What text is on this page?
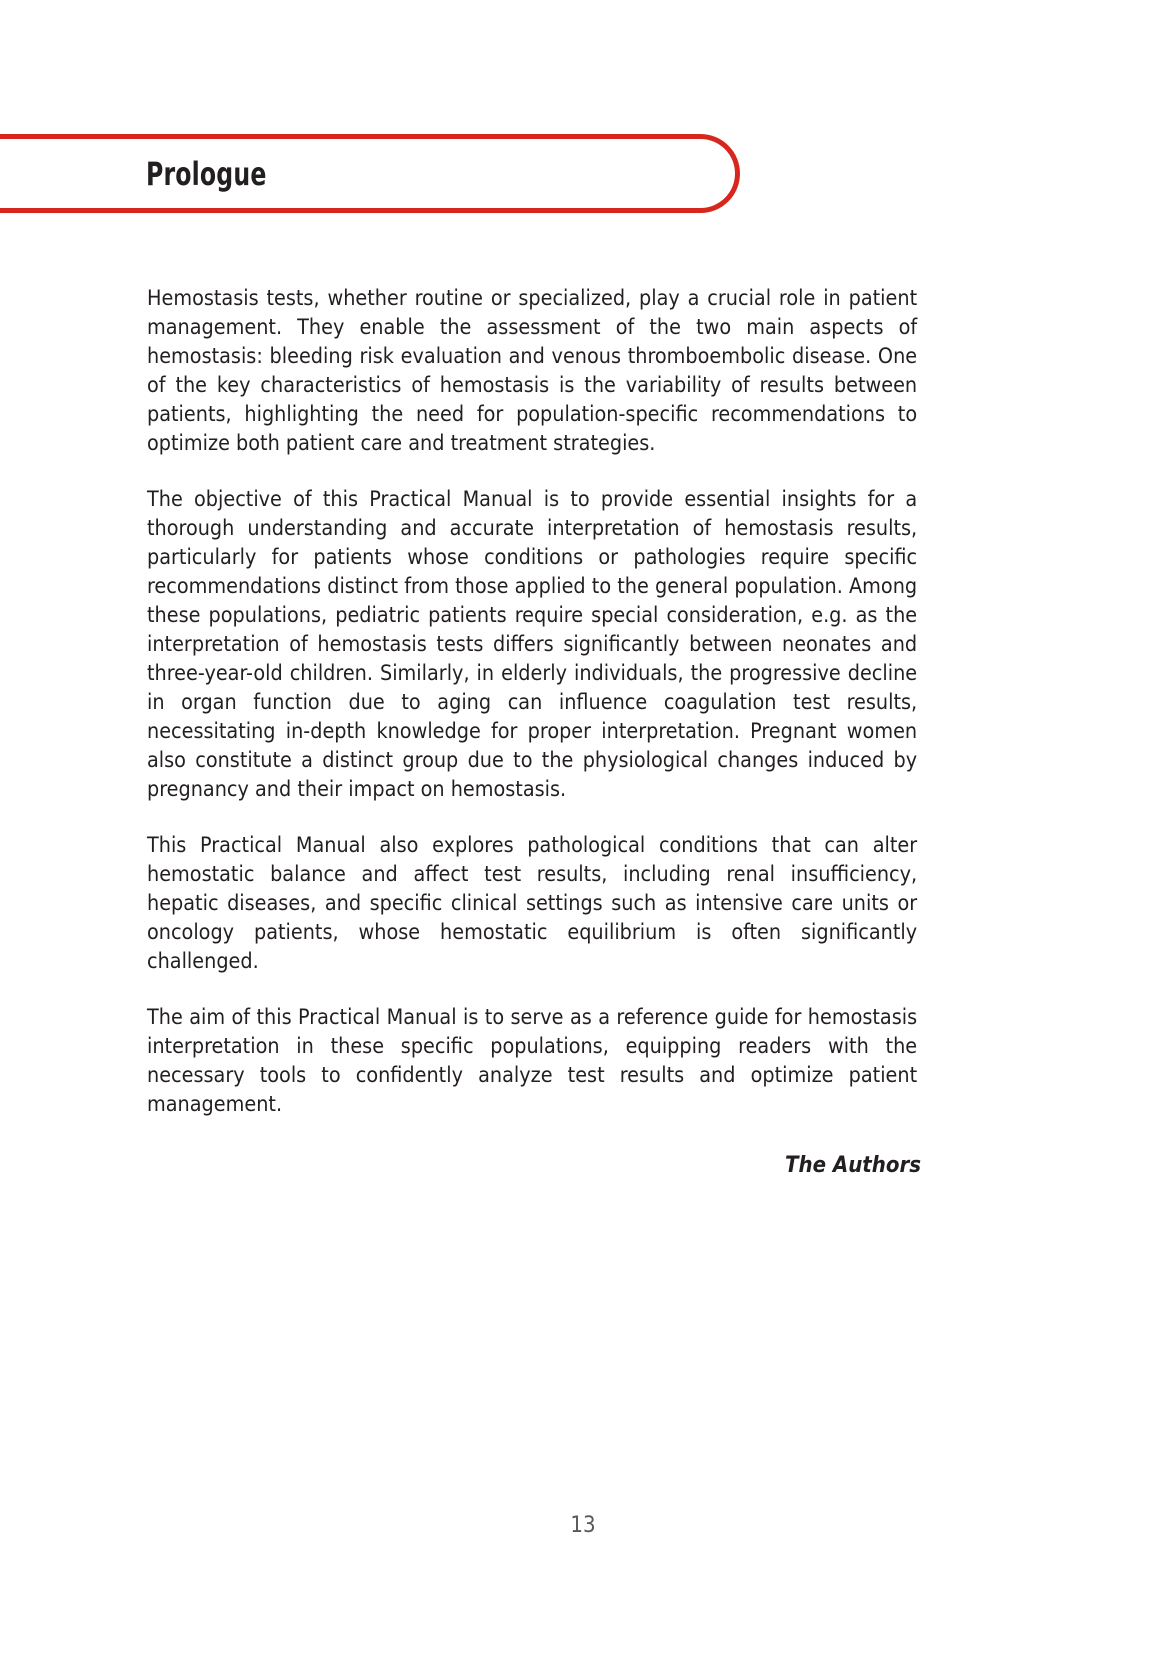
Prologue

Hemostasis tests, whether routine or specialized, play a crucial role in patient management. They enable the assessment of the two main aspects of hemostasis: bleeding risk evaluation and venous thromboembolic disease. One of the key characteristics of hemostasis is the variability of results between patients, highlighting the need for population-specific recommendations to optimize both patient care and treatment strategies.

The objective of this Practical Manual is to provide essential insights for a thorough understanding and accurate interpretation of hemostasis results, particularly for patients whose conditions or pathologies require specific recommendations distinct from those applied to the general population. Among these populations, pediatric patients require special consideration, e.g. as the interpretation of hemostasis tests differs significantly between neonates and three-year-old children. Similarly, in elderly individuals, the progressive decline in organ function due to aging can influence coagulation test results, necessitating in-depth knowledge for proper interpretation. Pregnant women also constitute a distinct group due to the physiological changes induced by pregnancy and their impact on hemostasis.

This Practical Manual also explores pathological conditions that can alter hemostatic balance and affect test results, including renal insufficiency, hepatic diseases, and specific clinical settings such as intensive care units or oncology patients, whose hemostatic equilibrium is often significantly challenged.

The aim of this Practical Manual is to serve as a reference guide for hemostasis interpretation in these specific populations, equipping readers with the necessary tools to confidently analyze test results and optimize patient management.

The Authors
13
